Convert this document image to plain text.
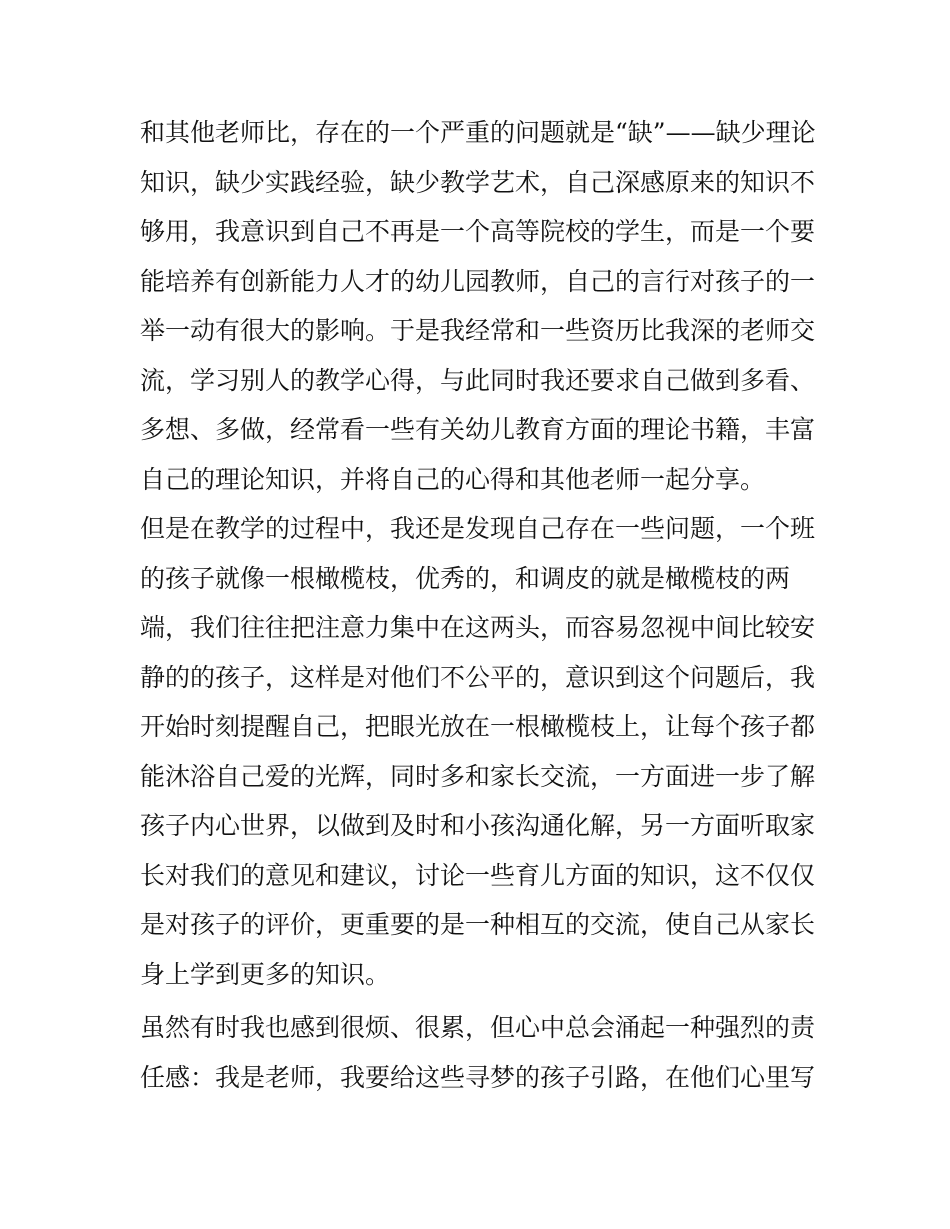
和其他老师比，存在的一个严重的问题就是“缺”——缺少理论
知识，缺少实践经验，缺少教学艺术，自己深感原来的知识不
够用，我意识到自己不再是一个高等院校的学生，而是一个要
能培养有创新能力人才的幼儿园教师，自己的言行对孩子的一
举一动有很大的影响。于是我经常和一些资历比我深的老师交
流，学习别人的教学心得，与此同时我还要求自己做到多看、
多想、多做，经常看一些有关幼儿教育方面的理论书籍，丰富
自己的理论知识，并将自己的心得和其他老师一起分享。
但是在教学的过程中，我还是发现自己存在一些问题，一个班
的孩子就像一根橄榄枝，优秀的，和调皮的就是橄榄枝的两
端，我们往往把注意力集中在这两头，而容易忽视中间比较安
静的的孩子，这样是对他们不公平的，意识到这个问题后，我
开始时刻提醒自己，把眼光放在一根橄榄枝上，让每个孩子都
能沐浴自己爱的光辉，同时多和家长交流，一方面进一步了解
孩子内心世界，以做到及时和小孩沟通化解，另一方面听取家
长对我们的意见和建议，讨论一些育儿方面的知识，这不仅仅
是对孩子的评价，更重要的是一种相互的交流，使自己从家长
身上学到更多的知识。
虽然有时我也感到很烦、很累，但心中总会涌起一种强烈的责
任感：我是老师，我要给这些寻梦的孩子引路，在他们心里写
